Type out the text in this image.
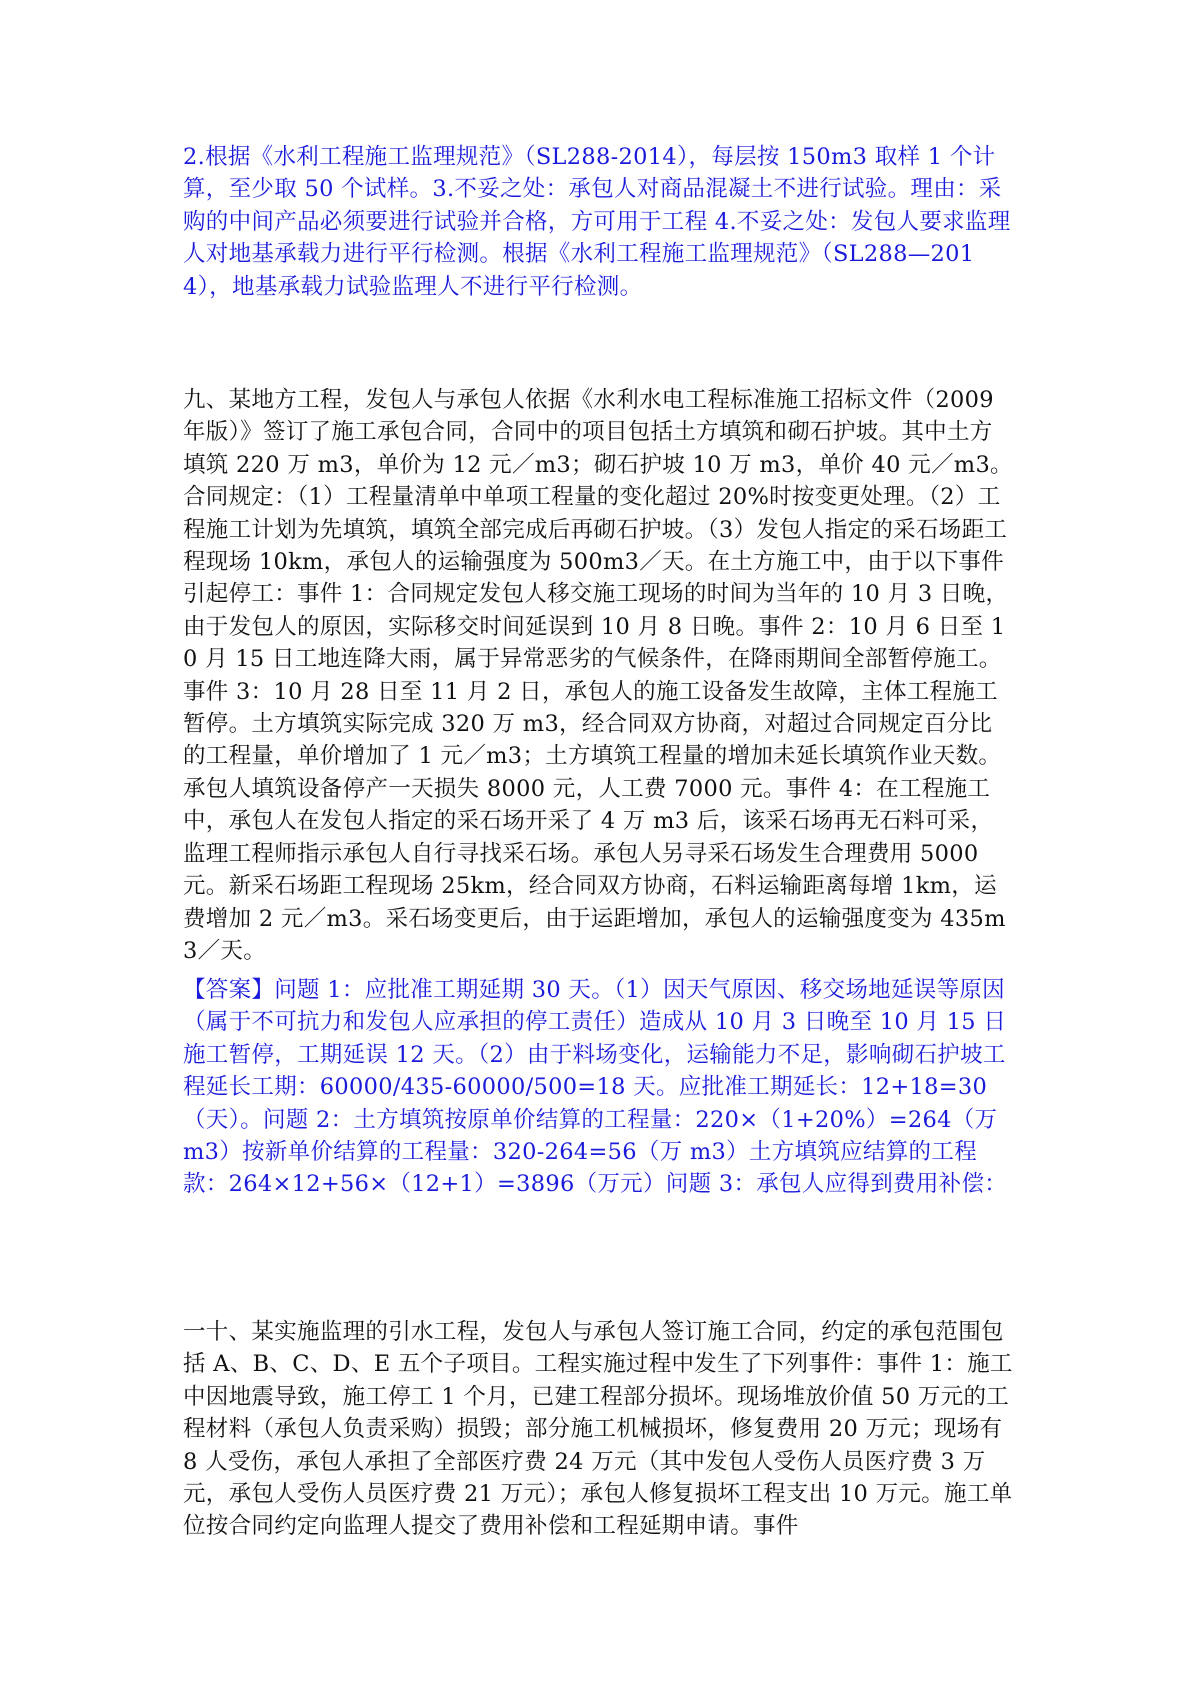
2.根据《水利工程施工监理规范》（SL288-2014），每层按 150m3 取样 1 个计算，至少取 50 个试样。3.不妥之处：承包人对商品混凝土不进行试验。理由：采购的中间产品必须要进行试验并合格，方可用于工程 4.不妥之处：发包人要求监理人对地基承载力进行平行检测。根据《水利工程施工监理规范》（SL288—2014），地基承载力试验监理人不进行平行检测。

九、某地方工程，发包人与承包人依据《水利水电工程标准施工招标文件（2009 年版）》签订了施工承包合同，合同中的项目包括土方填筑和砌石护坡。其中土方填筑 220 万 m3，单价为 12 元／m3；砌石护坡 10 万 m3，单价 40 元／m3。合同规定：（1）工程量清单中单项工程量的变化超过 20%时按变更处理。（2）工程施工计划为先填筑，填筑全部完成后再砌石护坡。（3）发包人指定的采石场距工程现场 10km，承包人的运输强度为 500m3／天。在土方施工中，由于以下事件引起停工：事件 1：合同规定发包人移交施工现场的时间为当年的 10 月 3 日晚，由于发包人的原因，实际移交时间延误到 10 月 8 日晚。事件 2：10 月 6 日至 10 月 15 日工地连降大雨，属于异常恶劣的气候条件，在降雨期间全部暂停施工。事件 3：10 月 28 日至 11 月 2 日，承包人的施工设备发生故障，主体工程施工暂停。土方填筑实际完成 320 万 m3，经合同双方协商，对超过合同规定百分比的工程量，单价增加了 1 元／m3；土方填筑工程量的增加未延长填筑作业天数。承包人填筑设备停产一天损失 8000 元，人工费 7000 元。事件 4：在工程施工中，承包人在发包人指定的采石场开采了 4 万 m3 后，该采石场再无石料可采，监理工程师指示承包人自行寻找采石场。承包人另寻采石场发生合理费用 5000 元。新采石场距工程现场 25km，经合同双方协商，石料运输距离每增 1km，运费增加 2 元／m3。采石场变更后，由于运距增加，承包人的运输强度变为 435m3／天。

【答案】问题 1：应批准工期延期 30 天。（1）因天气原因、移交场地延误等原因（属于不可抗力和发包人应承担的停工责任）造成从 10 月 3 日晚至 10 月 15 日施工暂停，工期延误 12 天。（2）由于料场变化，运输能力不足，影响砌石护坡工程延长工期：60000/435-60000/500=18 天。应批准工期延长：12+18=30（天）。问题 2：土方填筑按原单价结算的工程量：220×（1+20%）=264（万 m3）按新单价结算的工程量：320-264=56（万 m3）土方填筑应结算的工程款：264×12+56×（12+1）=3896（万元）问题 3：承包人应得到费用补偿：

一十、某实施监理的引水工程，发包人与承包人签订施工合同，约定的承包范围包括 A、B、C、D、E 五个子项目。工程实施过程中发生了下列事件：事件 1：施工中因地震导致，施工停工 1 个月，已建工程部分损坏。现场堆放价值 50 万元的工程材料（承包人负责采购）损毁；部分施工机械损坏，修复费用 20 万元；现场有 8 人受伤，承包人承担了全部医疗费 24 万元（其中发包人受伤人员医疗费 3 万元，承包人受伤人员医疗费 21 万元）；承包人修复损坏工程支出 10 万元。施工单位按合同约定向监理人提交了费用补偿和工程延期申请。事件
